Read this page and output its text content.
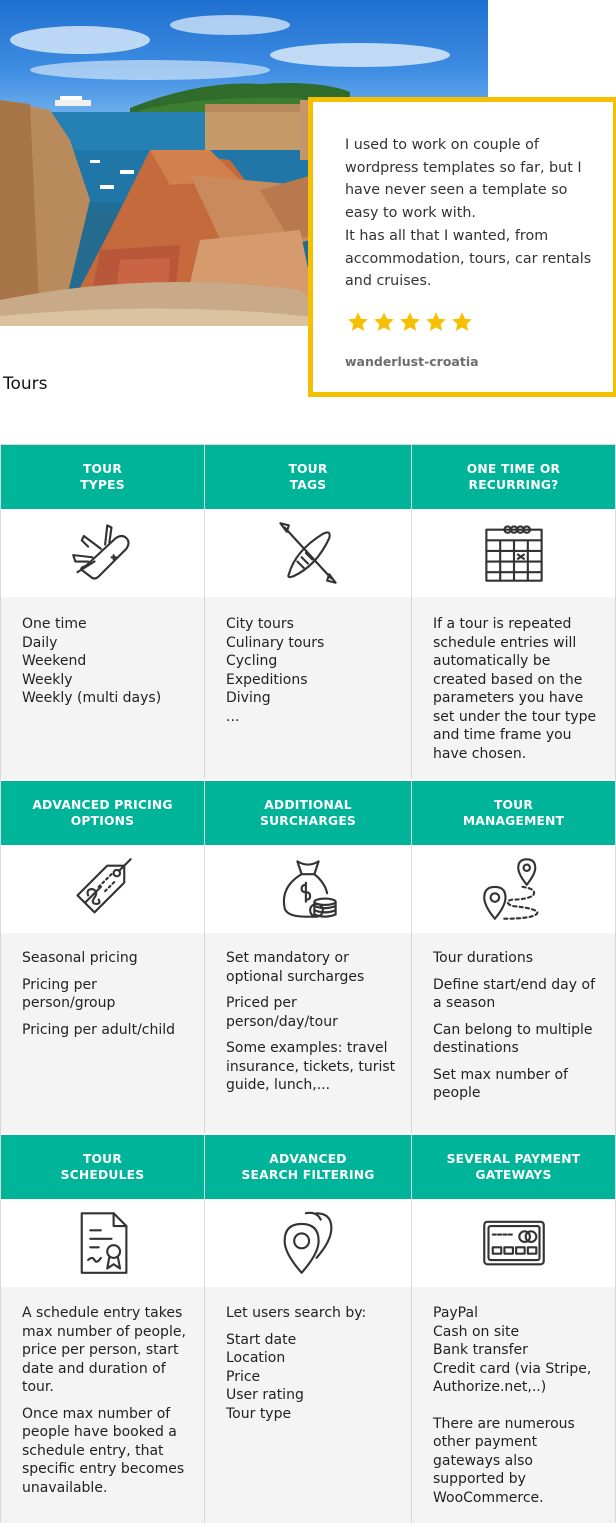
I used to work on couple of wordpress templates so far, but I have never seen a template so easy to work with.

It has all that I wanted, from accommodation, tours, car rentals and cruises.

wanderlust-croatia
Tours
TOUR
TYPES
One time
Daily
Weekend
Weekly
Weekly (multi days)
TOUR
TAGS
City tours
Culinary tours
Cycling
Expeditions
Diving
...
ONE TIME OR
RECURRING?

If a tour is repeated schedule entries will automatically be created based on the parameters you have set under the tour type and time frame you have chosen.

ADVANCED PRICING
OPTIONS

Seasonal pricing

Pricing per person/group

Pricing per adult/child

ADDITIONAL
SURCHARGES

Set mandatory or optional surcharges

Priced per person/day/tour

Some examples: travel insurance, tickets, turist guide, lunch,...

TOUR
MANAGEMENT

Tour durations

Define start/end day of a season

Can belong to multiple destinations

Set max number of people

TOUR
SCHEDULES

A schedule entry takes max number of people, price per person, start date and duration of tour.

Once max number of people have booked a schedule entry, that specific entry becomes unavailable.

ADVANCED
SEARCH FILTERING

Let users search by:

Start date
Location
Price
User rating
Tour type
SEVERAL PAYMENT
GATEWAYS
PayPal
Cash on site
Bank transfer
Credit card (via Stripe, Authorize.net,..)

There are numerous other payment gateways also supported by WooCommerce.
